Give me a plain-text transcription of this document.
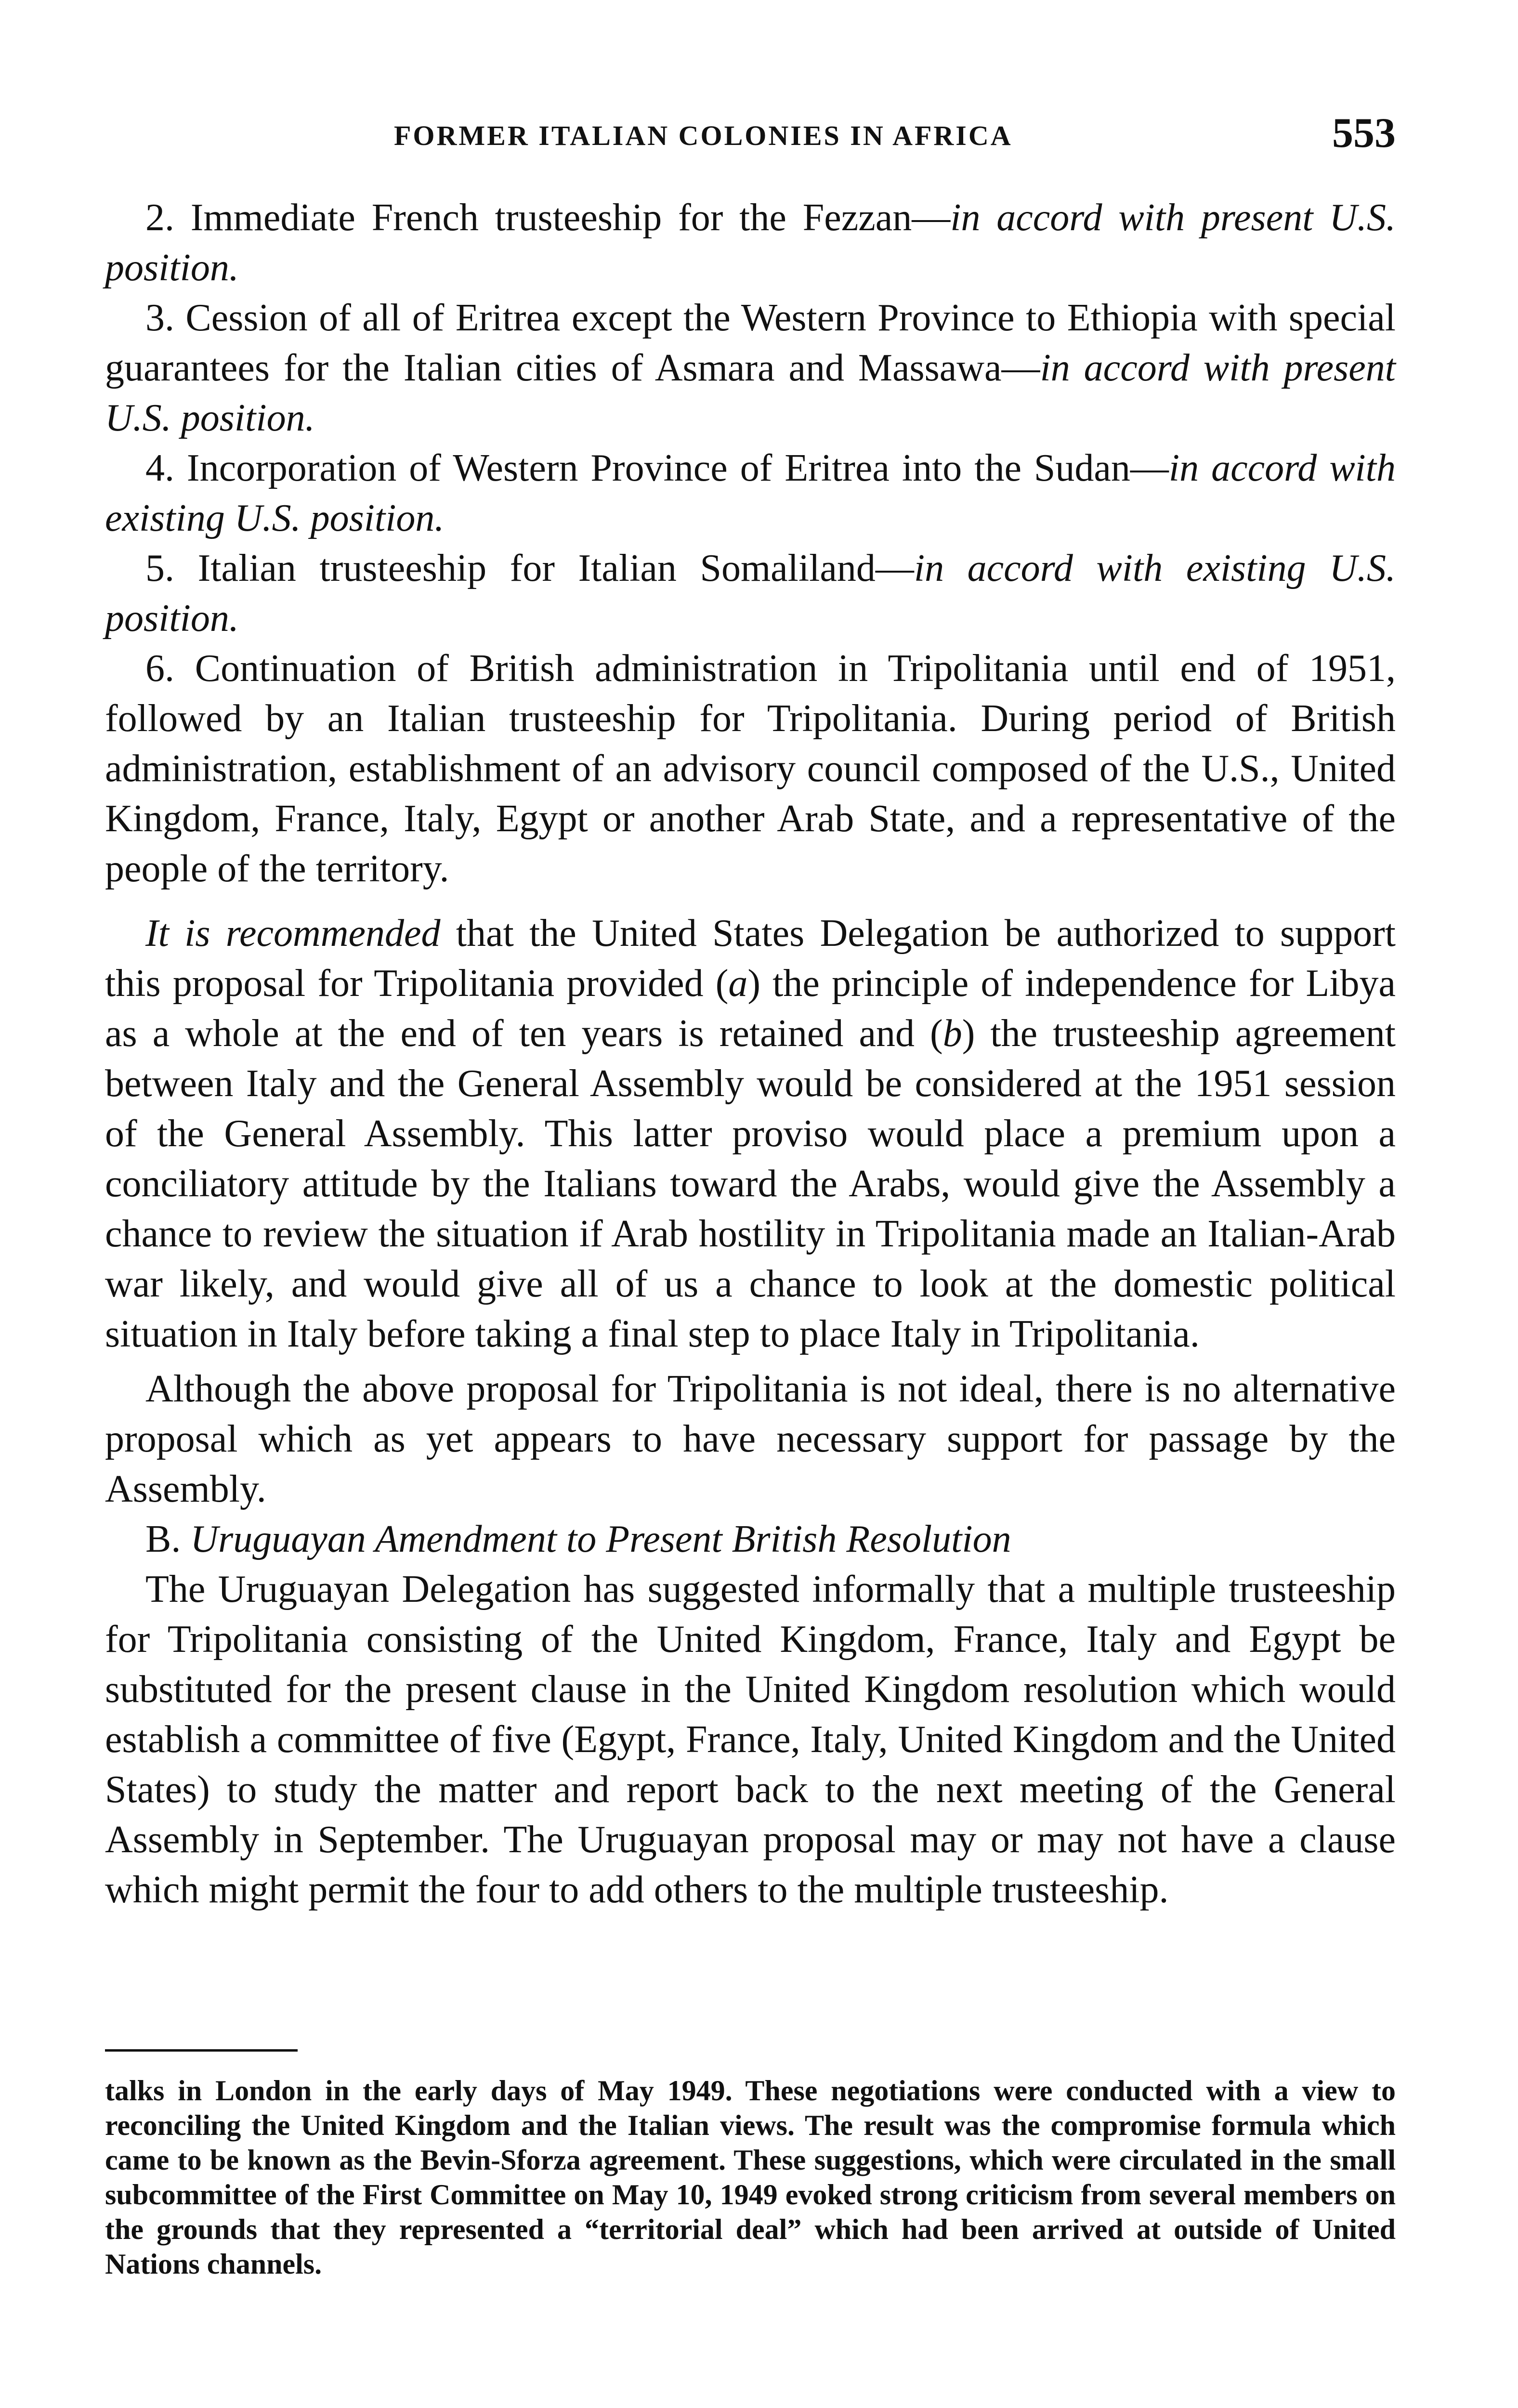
FORMER ITALIAN COLONIES IN AFRICA	553

2. Immediate French trusteeship for the Fezzan—in accord with present U.S. position.

3. Cession of all of Eritrea except the Western Province to Ethiopia with special guarantees for the Italian cities of Asmara and Massawa—in accord with present U.S. position.

4. Incorporation of Western Province of Eritrea into the Sudan—in accord with existing U.S. position.

5. Italian trusteeship for Italian Somaliland—in accord with existing U.S. position.

6. Continuation of British administration in Tripolitania until end of 1951, followed by an Italian trusteeship for Tripolitania. During period of British administration, establishment of an advisory council composed of the U.S., United Kingdom, France, Italy, Egypt or another Arab State, and a representative of the people of the territory.

It is recommended that the United States Delegation be authorized to support this proposal for Tripolitania provided (a) the principle of independence for Libya as a whole at the end of ten years is retained and (b) the trusteeship agreement between Italy and the General Assembly would be considered at the 1951 session of the General Assembly. This latter proviso would place a premium upon a conciliatory attitude by the Italians toward the Arabs, would give the Assembly a chance to review the situation if Arab hostility in Tripolitania made an Italian-Arab war likely, and would give all of us a chance to look at the domestic political situation in Italy before taking a final step to place Italy in Tripolitania.

Although the above proposal for Tripolitania is not ideal, there is no alternative proposal which as yet appears to have necessary support for passage by the Assembly.

B. Uruguayan Amendment to Present British Resolution

The Uruguayan Delegation has suggested informally that a multiple trusteeship for Tripolitania consisting of the United Kingdom, France, Italy and Egypt be substituted for the present clause in the United Kingdom resolution which would establish a committee of five (Egypt, France, Italy, United Kingdom and the United States) to study the matter and report back to the next meeting of the General Assembly in September. The Uruguayan proposal may or may not have a clause which might permit the four to add others to the multiple trusteeship.

talks in London in the early days of May 1949. These negotiations were conducted with a view to reconciling the United Kingdom and the Italian views. The result was the compromise formula which came to be known as the Bevin-Sforza agreement. These suggestions, which were circulated in the small subcommittee of the First Committee on May 10, 1949 evoked strong criticism from several members on the grounds that they represented a “territorial deal” which had been arrived at outside of United Nations channels.
